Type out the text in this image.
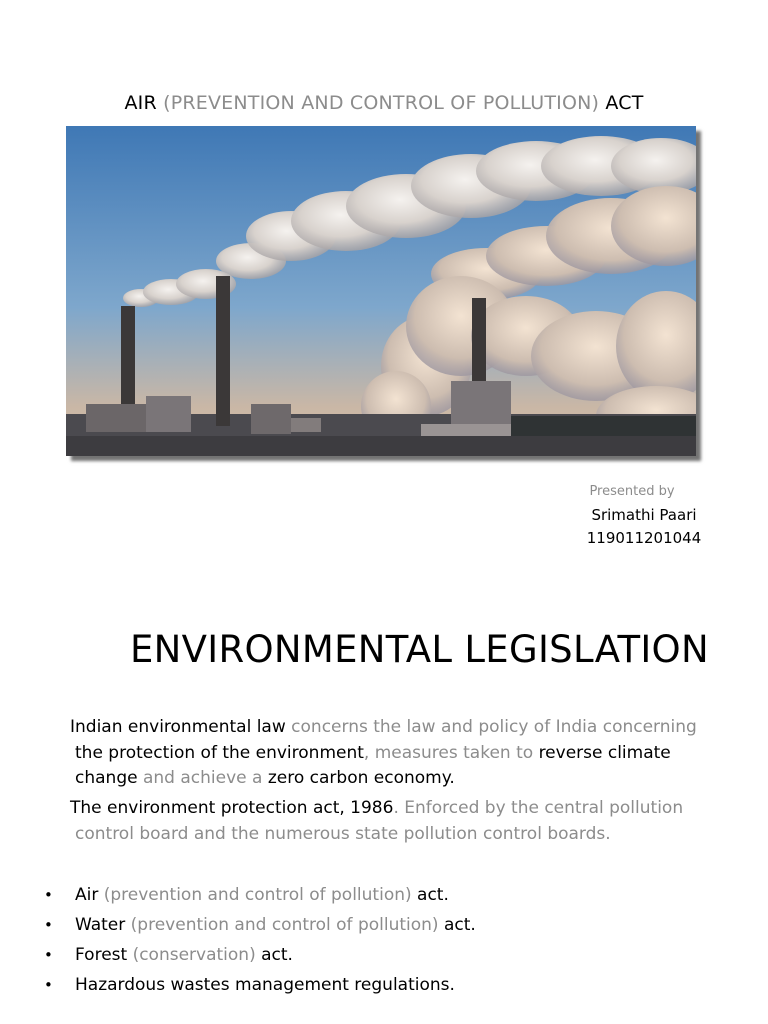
AIR (PREVENTION AND CONTROL OF POLLUTION) ACT
Presented by
Srimathi Paari
119011201044
ENVIRONMENTAL LEGISLATION
Indian environmental law concerns the law and policy of India concerning
the protection of the environment, measures taken to reverse climate
change and achieve a zero carbon economy.
The environment protection act, 1986. Enforced by the central pollution
control board and the numerous state pollution control boards.
• Air (prevention and control of pollution) act.
• Water (prevention and control of pollution) act.
• Forest (conservation) act.
• Hazardous wastes management regulations.
